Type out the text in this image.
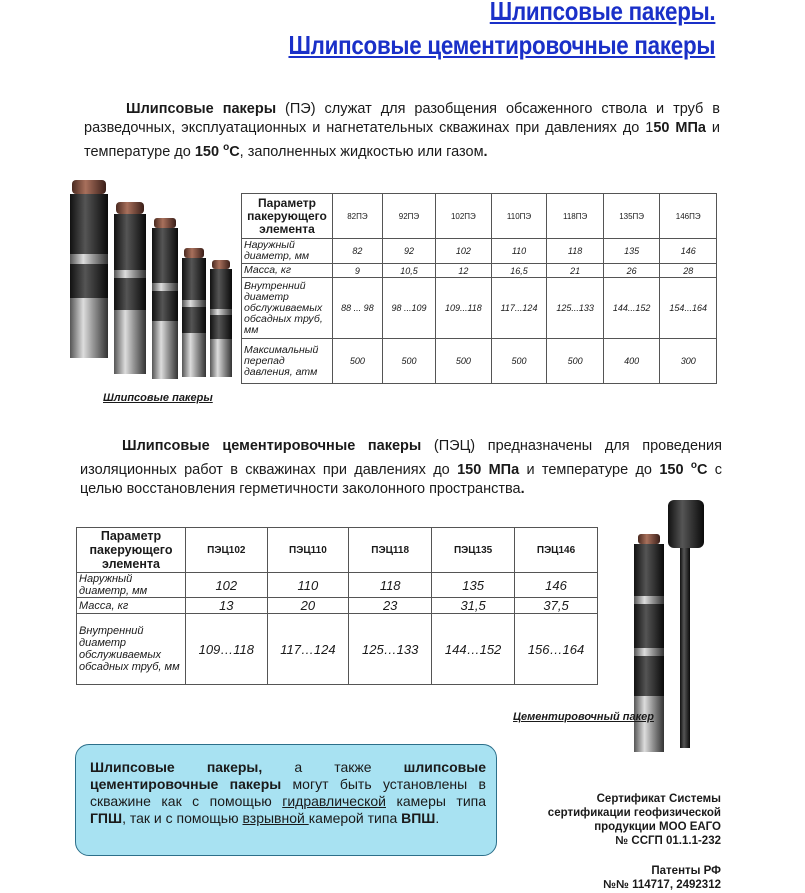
Шлипсовые пакеры.
Шлипсовые цементировочные пакеры
Шлипсовые пакеры (ПЭ) служат для разобщения обсаженного ствола и труб в разведочных, эксплуатационных и нагнетательных скважинах при давлениях до 150 МПа и температуре до 150 $^o$С, заполненных жидкостью или газом.
Шлипсовые пакеры
Параметр пакерующего элемента	82ПЭ	92ПЭ	102ПЭ	110ПЭ	118ПЭ	135ПЭ	146ПЭ
Наружный диаметр, мм	82	92	102	110	118	135	146
Масса, кг	9	10,5	12	16,5	21	26	28
Внутренний диаметр обслуживаемых обсадных труб, мм	88 ... 98	98 ...109	109...118	117...124	125...133	144...152	154...164
Максимальный перепад давления, атм	500	500	500	500	500	400	300
Шлипсовые цементировочные пакеры (ПЭЦ) предназначены для проведения изоляционных работ в скважинах при давлениях до 150 МПа и температуре до 150 $^o$С с целью восстановления герметичности заколонного пространства.
Параметр пакерующего элемента	ПЭЦ102	ПЭЦ110	ПЭЦ118	ПЭЦ135	ПЭЦ146
Наружный диаметр, мм	102	110	118	135	146
Масса, кг	13	20	23	31,5	37,5
Внутренний диаметр обслуживаемых обсадных труб, мм	109…118	117…124	125…133	144…152	156…164
Цементировочный пакер
Шлипсовые пакеры, а также шлипсовые цементировочные пакеры могут быть установлены в скважине как с помощью гидравлической камеры типа ГПШ, так и с помощью взрывной камерой типа ВПШ.
Сертификат Системы
сертификации геофизической
продукции МОО ЕАГО
№ ССГП 01.1.1-232
Патенты РФ
№№ 114717, 2492312
